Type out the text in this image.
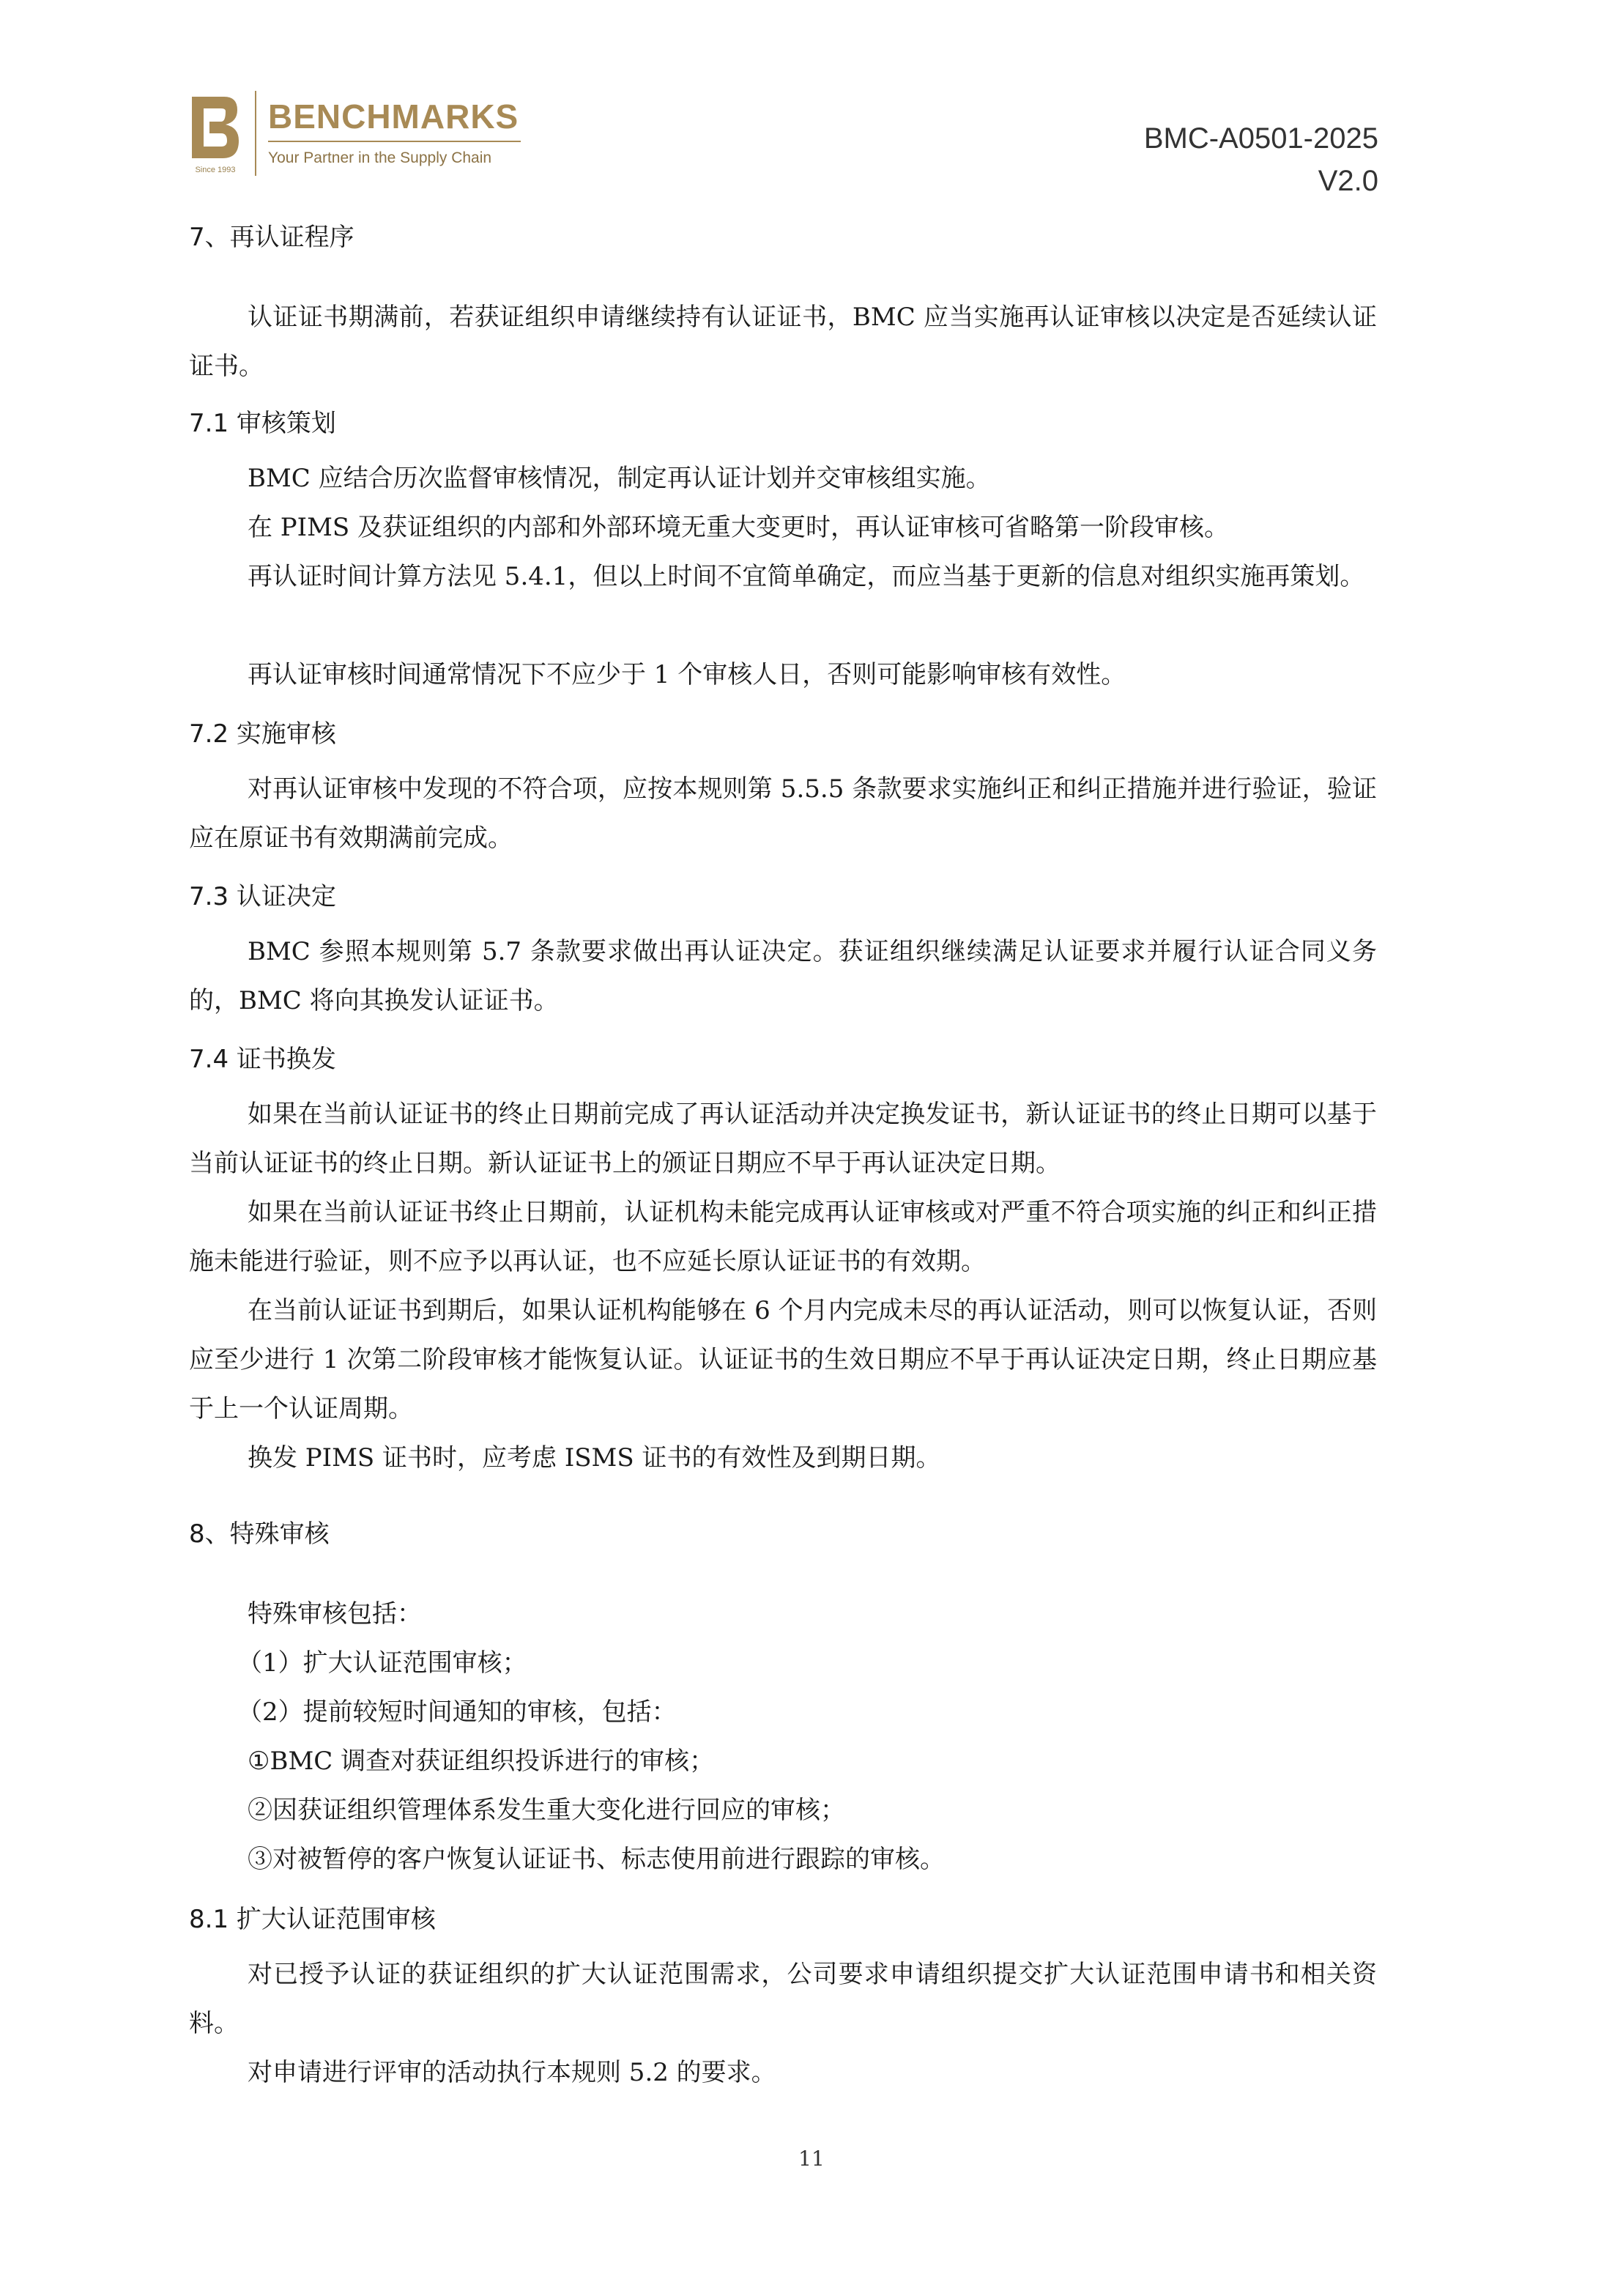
Since 1993
BENCHMARKS
Your Partner in the Supply Chain
BMC-A0501-2025
V2.0
7、再认证程序

认证证书期满前，若获证组织申请继续持有认证证书，BMC 应当实施再认证审核以决定是否延续认证证书。

7.1 审核策划

BMC 应结合历次监督审核情况，制定再认证计划并交审核组实施。

在 PIMS 及获证组织的内部和外部环境无重大变更时，再认证审核可省略第一阶段审核。

再认证时间计算方法见 5.4.1，但以上时间不宜简单确定，而应当基于更新的信息对组织实施再策划。

再认证审核时间通常情况下不应少于 1 个审核人日，否则可能影响审核有效性。

7.2 实施审核

对再认证审核中发现的不符合项，应按本规则第 5.5.5 条款要求实施纠正和纠正措施并进行验证，验证应在原证书有效期满前完成。

7.3 认证决定

BMC 参照本规则第 5.7 条款要求做出再认证决定。获证组织继续满足认证要求并履行认证合同义务的，BMC 将向其换发认证证书。

7.4 证书换发

如果在当前认证证书的终止日期前完成了再认证活动并决定换发证书，新认证证书的终止日期可以基于当前认证证书的终止日期。新认证证书上的颁证日期应不早于再认证决定日期。

如果在当前认证证书终止日期前，认证机构未能完成再认证审核或对严重不符合项实施的纠正和纠正措施未能进行验证，则不应予以再认证，也不应延长原认证证书的有效期。

在当前认证证书到期后，如果认证机构能够在 6 个月内完成未尽的再认证活动，则可以恢复认证，否则应至少进行 1 次第二阶段审核才能恢复认证。认证证书的生效日期应不早于再认证决定日期，终止日期应基于上一个认证周期。

换发 PIMS 证书时，应考虑 ISMS 证书的有效性及到期日期。

8、特殊审核

特殊审核包括：

（1）扩大认证范围审核；
（2）提前较短时间通知的审核，包括：
①BMC 调查对获证组织投诉进行的审核；
②因获证组织管理体系发生重大变化进行回应的审核；
③对被暂停的客户恢复认证证书、标志使用前进行跟踪的审核。
8.1 扩大认证范围审核

对已授予认证的获证组织的扩大认证范围需求，公司要求申请组织提交扩大认证范围申请书和相关资料。

对申请进行评审的活动执行本规则 5.2 的要求。

11
